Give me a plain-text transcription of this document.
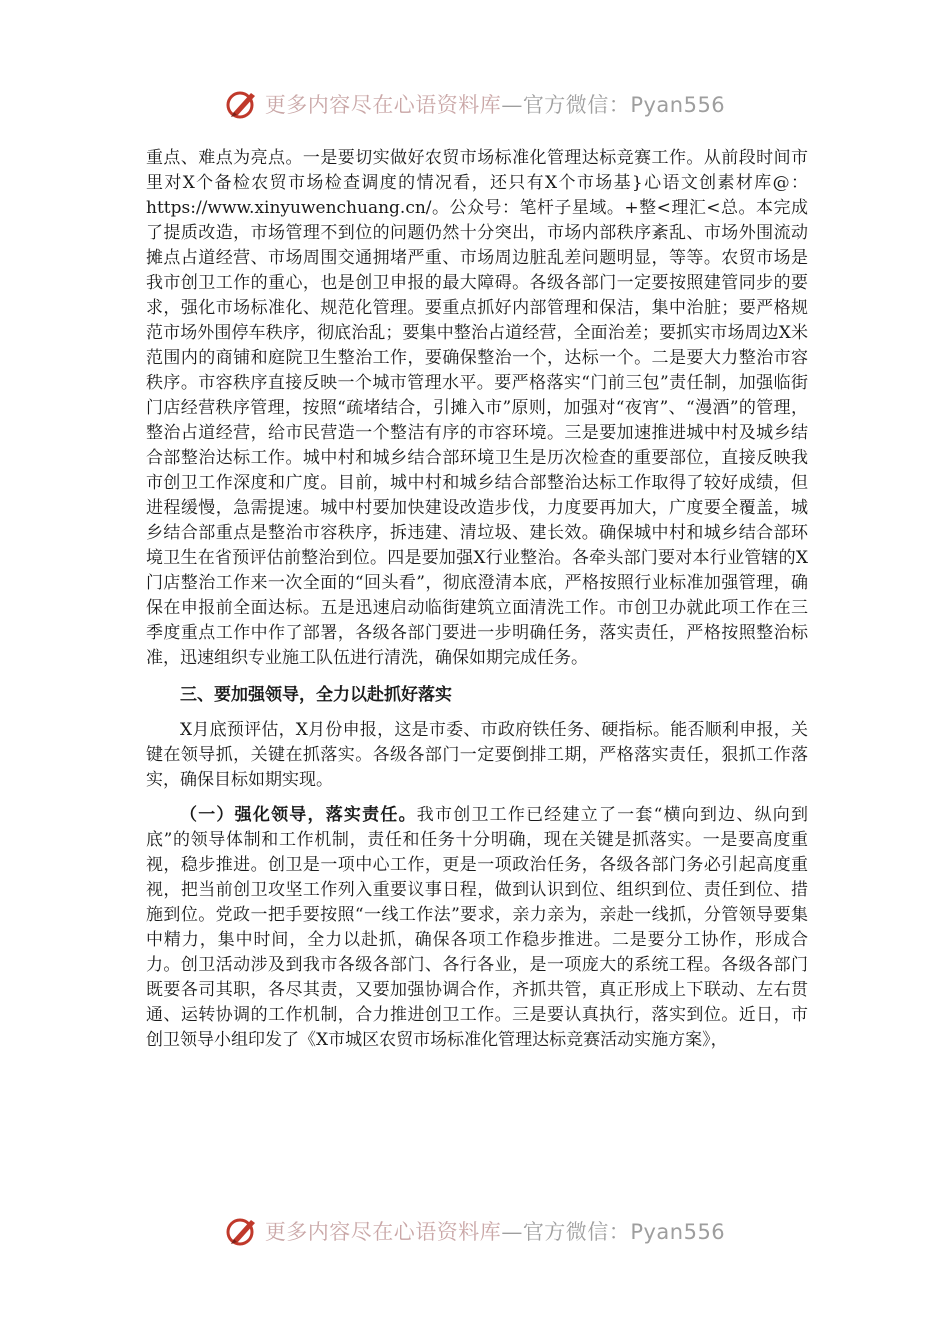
更多内容尽在心语资料库—官方微信：Pyan556

重点、难点为亮点。一是要切实做好农贸市场标准化管理达标竞赛工作。从前段时间市里对X个备检农贸市场检查调度的情况看，还只有X个市场基}心语文创素材库@：https://www.xinyuwenchuang.cn/。公众号：笔杆子星域。+整<理汇<总。本完成了提质改造，市场管理不到位的问题仍然十分突出，市场内部秩序紊乱、市场外围流动摊点占道经营、市场周围交通拥堵严重、市场周边脏乱差问题明显，等等。农贸市场是我市创卫工作的重心，也是创卫申报的最大障碍。各级各部门一定要按照建管同步的要求，强化市场标准化、规范化管理。要重点抓好内部管理和保洁，集中治脏；要严格规范市场外围停车秩序，彻底治乱；要集中整治占道经营，全面治差；要抓实市场周边X米范围内的商铺和庭院卫生整治工作，要确保整治一个，达标一个。二是要大力整治市容秩序。市容秩序直接反映一个城市管理水平。要严格落实“门前三包”责任制，加强临街门店经营秩序管理，按照“疏堵结合，引摊入市”原则，加强对“夜宵”、“漫酒”的管理，整治占道经营，给市民营造一个整洁有序的市容环境。三是要加速推进城中村及城乡结合部整治达标工作。城中村和城乡结合部环境卫生是历次检查的重要部位，直接反映我市创卫工作深度和广度。目前，城中村和城乡结合部整治达标工作取得了较好成绩，但进程缓慢，急需提速。城中村要加快建设改造步伐，力度要再加大，广度要全覆盖，城乡结合部重点是整治市容秩序，拆违建、清垃圾、建长效。确保城中村和城乡结合部环境卫生在省预评估前整治到位。四是要加强X行业整治。各牵头部门要对本行业管辖的X门店整治工作来一次全面的“回头看”，彻底澄清本底，严格按照行业标准加强管理，确保在申报前全面达标。五是迅速启动临街建筑立面清洗工作。市创卫办就此项工作在三季度重点工作中作了部署，各级各部门要进一步明确任务，落实责任，严格按照整治标准，迅速组织专业施工队伍进行清洗，确保如期完成任务。

三、要加强领导，全力以赴抓好落实

X月底预评估，X月份申报，这是市委、市政府铁任务、硬指标。能否顺利申报，关键在领导抓，关键在抓落实。各级各部门一定要倒排工期，严格落实责任，狠抓工作落实，确保目标如期实现。

（一）强化领导，落实责任。我市创卫工作已经建立了一套“横向到边、纵向到底”的领导体制和工作机制，责任和任务十分明确，现在关键是抓落实。一是要高度重视，稳步推进。创卫是一项中心工作，更是一项政治任务，各级各部门务必引起高度重视，把当前创卫攻坚工作列入重要议事日程，做到认识到位、组织到位、责任到位、措施到位。党政一把手要按照“一线工作法”要求，亲力亲为，亲赴一线抓，分管领导要集中精力，集中时间，全力以赴抓，确保各项工作稳步推进。二是要分工协作，形成合力。创卫活动涉及到我市各级各部门、各行各业，是一项庞大的系统工程。各级各部门既要各司其职，各尽其责，又要加强协调合作，齐抓共管，真正形成上下联动、左右贯通、运转协调的工作机制，合力推进创卫工作。三是要认真执行，落实到位。近日，市创卫领导小组印发了《X市城区农贸市场标准化管理达标竞赛活动实施方案》，

更多内容尽在心语资料库—官方微信：Pyan556
